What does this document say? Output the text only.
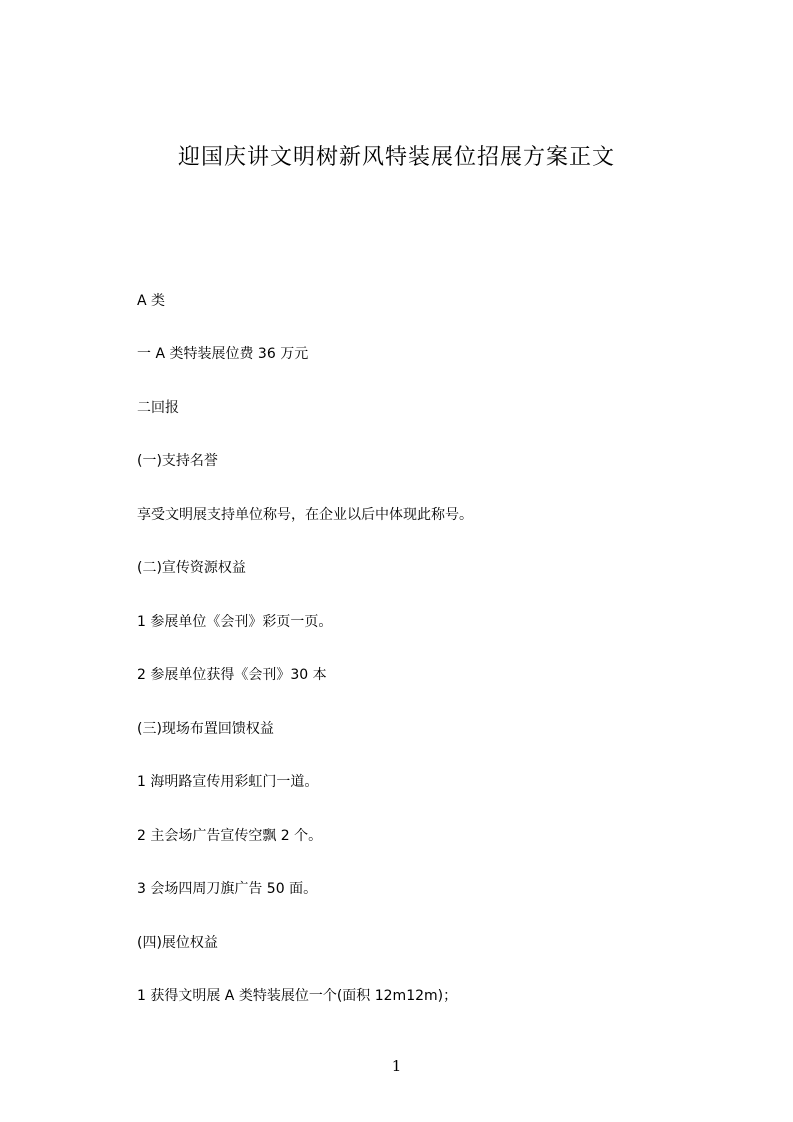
迎国庆讲文明树新风特装展位招展方案正文
A 类
一 A 类特装展位费 36 万元
二回报
(一)支持名誉
享受文明展支持单位称号，在企业以后中体现此称号。
(二)宣传资源权益
1 参展单位《会刊》彩页一页。
2 参展单位获得《会刊》30 本
(三)现场布置回馈权益
1 海明路宣传用彩虹门一道。
2 主会场广告宣传空飘 2 个。
3 会场四周刀旗广告 50 面。
(四)展位权益
1 获得文明展 A 类特装展位一个(面积 12m12m)；
1
